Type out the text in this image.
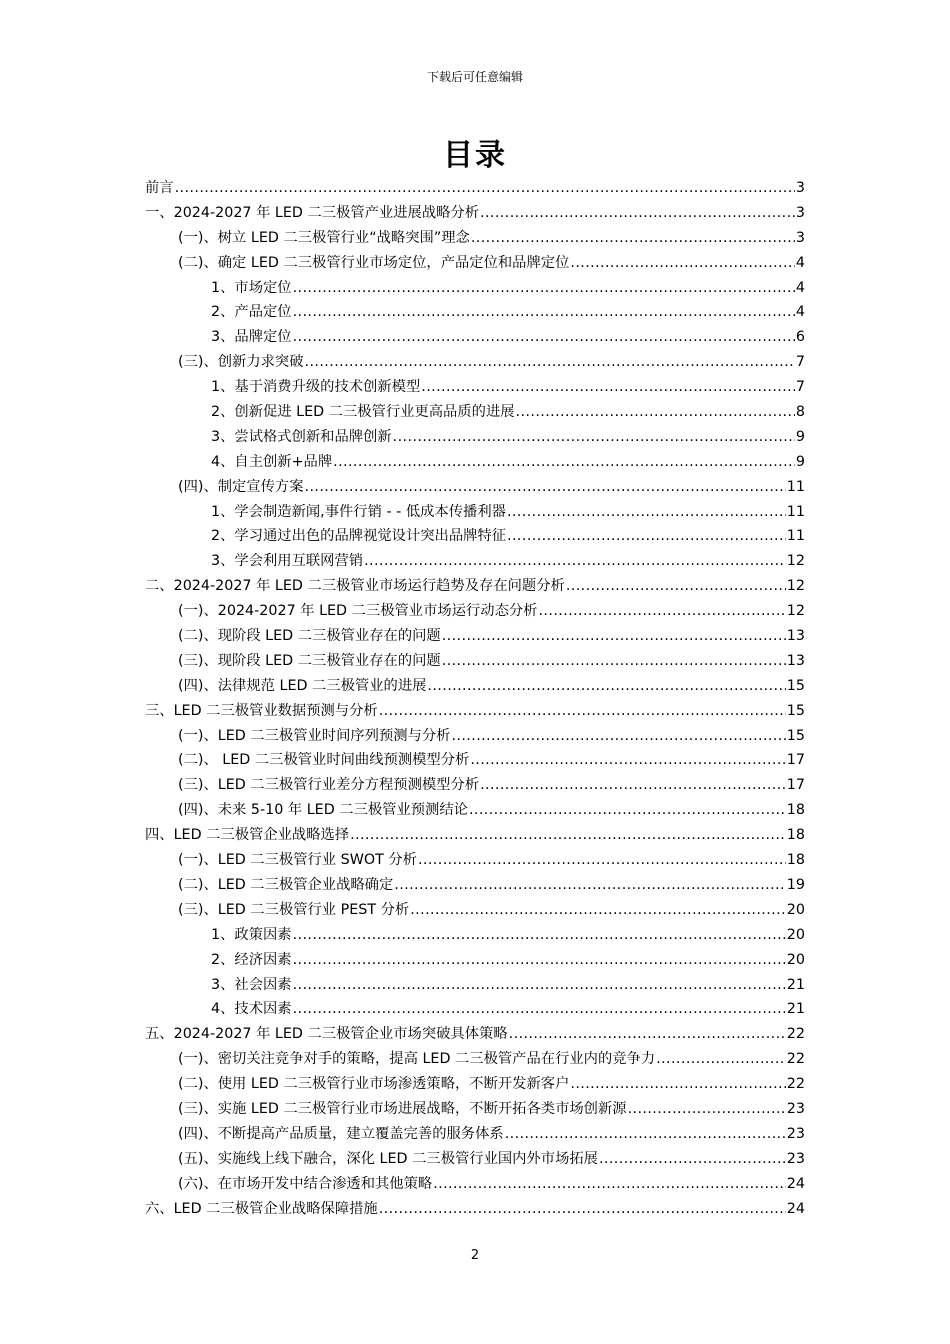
下载后可任意编辑
目录
前言 .....	3
一、2024-2027 年 LED 二三极管产业进展战略分析 .....	3
(一)、树立 LED 二三极管行业“战略突围”理念 .....	3
(二)、确定 LED 二三极管行业市场定位，产品定位和品牌定位 .....	4
1、市场定位 .....	4
2、产品定位 .....	4
3、品牌定位 .....	6
(三)、创新力求突破 .....	7
1、基于消费升级的技术创新模型 .....	7
2、创新促进 LED 二三极管行业更高品质的进展 .....	8
3、尝试格式创新和品牌创新 .....	9
4、自主创新+品牌 .....	9
(四)、制定宣传方案 .....	11
1、学会制造新闻,事件行销 - - 低成本传播利器 .....	11
2、学习通过出色的品牌视觉设计突出品牌特征 .....	11
3、学会利用互联网营销 .....	12
二、2024-2027 年 LED 二三极管业市场运行趋势及存在问题分析 .....	12
(一)、2024-2027 年 LED 二三极管业市场运行动态分析 .....	12
(二)、现阶段 LED 二三极管业存在的问题 .....	13
(三)、现阶段 LED 二三极管业存在的问题 .....	13
(四)、法律规范 LED 二三极管业的进展 .....	15
三、LED 二三极管业数据预测与分析 .....	15
(一)、LED 二三极管业时间序列预测与分析 .....	15
(二)、 LED 二三极管业时间曲线预测模型分析 .....	17
(三)、LED 二三极管行业差分方程预测模型分析 .....	17
(四)、未来 5-10 年 LED 二三极管业预测结论 .....	18
四、LED 二三极管企业战略选择 .....	18
(一)、LED 二三极管行业 SWOT 分析 .....	18
(二)、LED 二三极管企业战略确定 .....	19
(三)、LED 二三极管行业 PEST 分析 .....	20
1、政策因素 .....	20
2、经济因素 .....	20
3、社会因素 .....	21
4、技术因素 .....	21
五、2024-2027 年 LED 二三极管企业市场突破具体策略 .....	22
(一)、密切关注竞争对手的策略，提高 LED 二三极管产品在行业内的竞争力 .....	22
(二)、使用 LED 二三极管行业市场渗透策略，不断开发新客户 .....	22
(三)、实施 LED 二三极管行业市场进展战略，不断开拓各类市场创新源 .....	23
(四)、不断提高产品质量，建立覆盖完善的服务体系 .....	23
(五)、实施线上线下融合，深化 LED 二三极管行业国内外市场拓展 .....	23
(六)、在市场开发中结合渗透和其他策略 .....	24
六、LED 二三极管企业战略保障措施 .....	24
2
